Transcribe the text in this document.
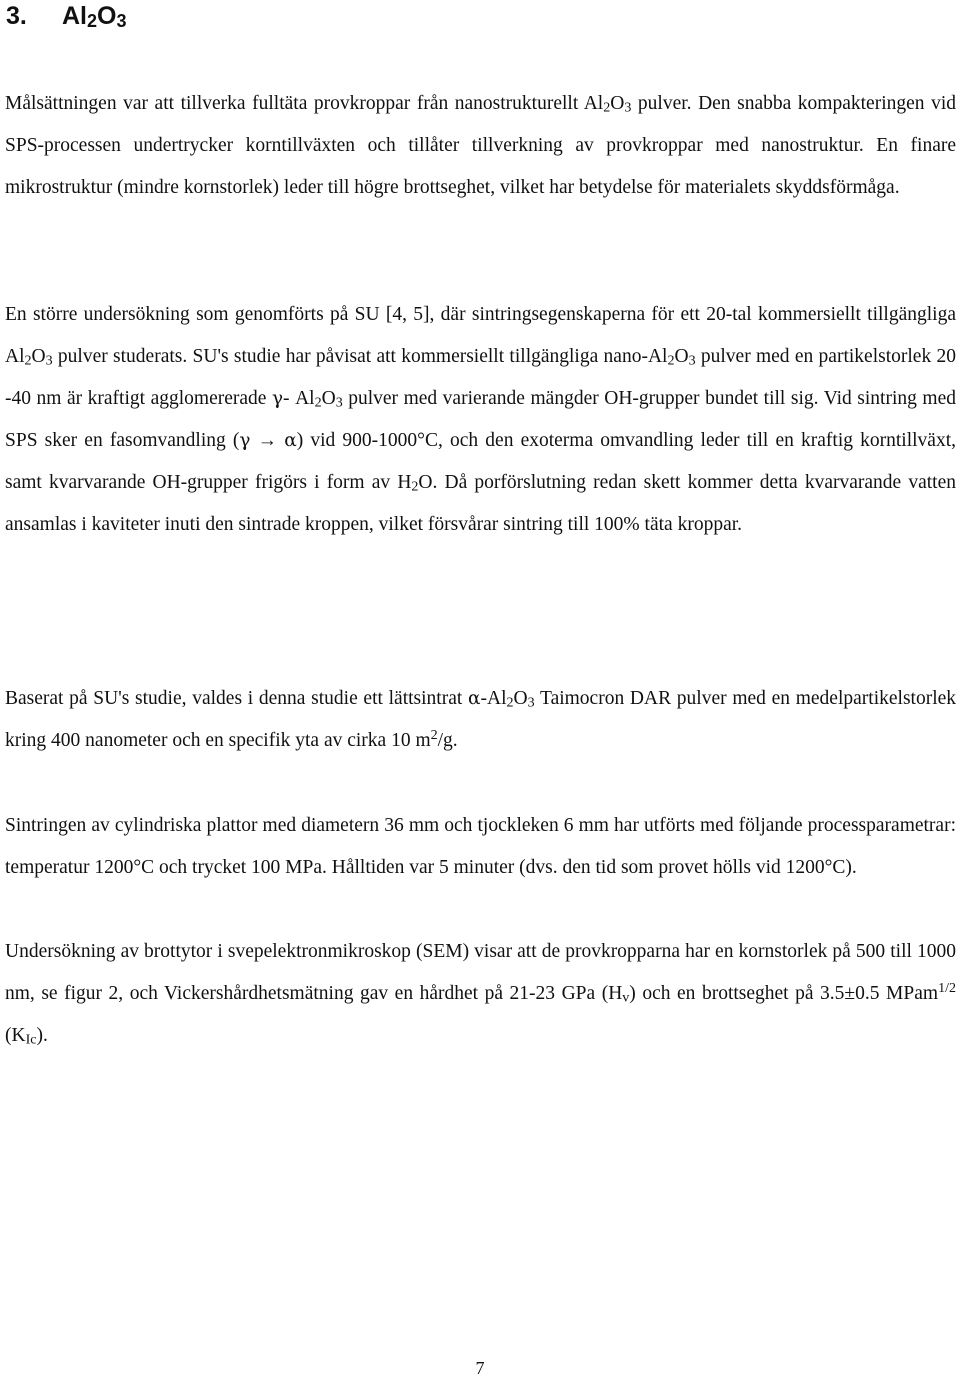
3. $Al_2O_3$

Målsättningen var att tillverka fulltäta provkroppar från nanostrukturellt $Al_2O_3$ pulver. Den snabba kompakteringen vid SPS-processen undertrycker korntillväxten och tillåter tillverkning av provkroppar med nanostruktur. En finare mikrostruktur (mindre kornstorlek) leder till högre brottseghet, vilket har betydelse för materialets skyddsförmåga.

En större undersökning som genomförts på SU [4, 5], där sintringsegenskaperna för ett 20-tal kommersiellt tillgängliga $Al_2O_3$ pulver studerats. SU's studie har påvisat att kommersiellt tillgängliga nano-$Al_2O_3$ pulver med en partikelstorlek 20 -40 nm är kraftigt agglomererade γ- $Al_2O_3$ pulver med varierande mängder OH-grupper bundet till sig. Vid sintring med SPS sker en fasomvandling (γ → α) vid 900-1000°C, och den exoterma omvandling leder till en kraftig korntillväxt, samt kvarvarande OH-grupper frigörs i form av $H_2O$. Då porförslutning redan skett kommer detta kvarvarande vatten ansamlas i kaviteter inuti den sintrade kroppen, vilket försvårar sintring till 100% täta kroppar.

Baserat på SU's studie, valdes i denna studie ett lättsintrat $\alpha-Al_2O_3$ Taimocron DAR pulver med en medelpartikelstorlek kring 400 nanometer och en specifik yta av cirka 10 $m^2/g$.

Sintringen av cylindriska plattor med diametern 36 mm och tjockleken 6 mm har utförts med följande processparametrar: temperatur 1200°C och trycket 100 MPa. Hålltiden var 5 minuter (dvs. den tid som provet hölls vid 1200°C).

Undersökning av brottytor i svepelektronmikroskop (SEM) visar att de provkropparna har en kornstorlek på 500 till 1000 nm, se figur 2, och Vickershårdhetsmätning gav en hårdhet på 21-23 GPa $(H_v)$ och en brottseghet på 3.5±0.5 MPam$^{1/2}$ $(K_{Ic})$.

7
